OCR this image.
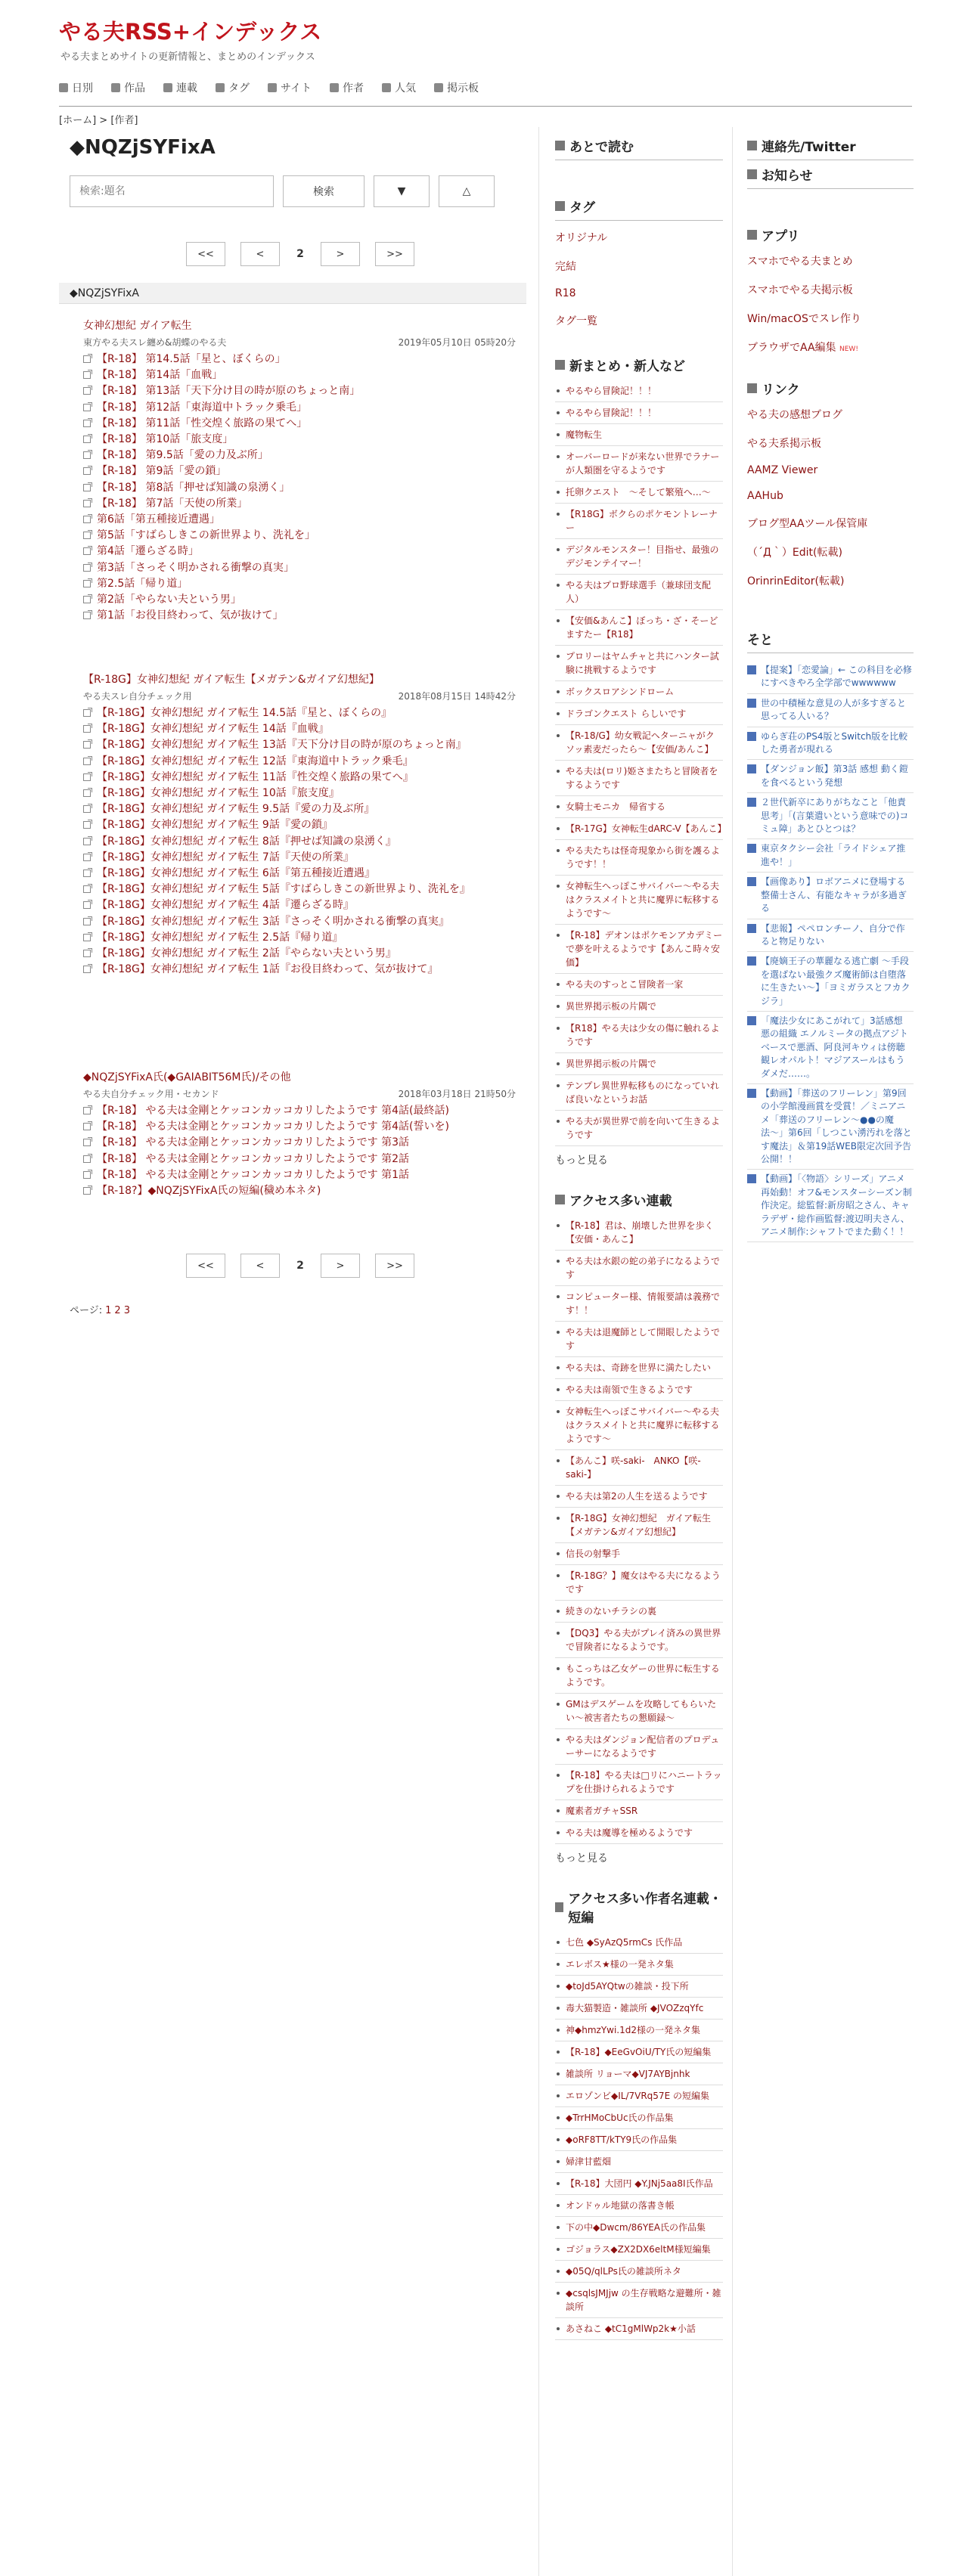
やる夫RSS+インデックス
やる夫まとめサイトの更新情報と、まとめのインデックス
日別	作品	連載	タグ	サイト	作者	人気	掲示板
[ホーム] > [作者]
◆NQZjSYFixA
検索:題名
検索	▼	△
<<	<	2	>	>>
◆NQZjSYFixA
女神幻想紀 ガイア転生
東方やる夫スレ纏め&胡蝶のやる夫	2019年05月10日 05時20分
【R-18】 第14.5話「星と、ぼくらの」
【R-18】 第14話「血戦」
【R-18】 第13話「天下分け目の時が原のちょっと南」
【R-18】 第12話「東海道中トラック乗毛」
【R-18】 第11話「性交煌く旅路の果てへ」
【R-18】 第10話「旅支度」
【R-18】 第9.5話「愛の力及ぶ所」
【R-18】 第9話「愛の鎖」
【R-18】 第8話「押せば知識の泉湧く」
【R-18】 第7話「天使の所業」
第6話「第五種接近遭遇」
第5話「すばらしきこの新世界より、洗礼を」
第4話「遷らざる時」
第3話「さっそく明かされる衝撃の真実」
第2.5話「帰り道」
第2話「やらない夫という男」
第1話「お役目終わって、気が抜けて」
【R-18G】女神幻想紀 ガイア転生【メガテン&ガイア幻想紀】
やる夫スレ自分チェック用	2018年08月15日 14時42分
【R-18G】女神幻想紀 ガイア転生 14.5話『星と、ぼくらの』
【R-18G】女神幻想紀 ガイア転生 14話『血戦』
【R-18G】女神幻想紀 ガイア転生 13話『天下分け目の時が原のちょっと南』
【R-18G】女神幻想紀 ガイア転生 12話『東海道中トラック乗毛』
【R-18G】女神幻想紀 ガイア転生 11話『性交煌く旅路の果てへ』
【R-18G】女神幻想紀 ガイア転生 10話『旅支度』
【R-18G】女神幻想紀 ガイア転生 9.5話『愛の力及ぶ所』
【R-18G】女神幻想紀 ガイア転生 9話『愛の鎖』
【R-18G】女神幻想紀 ガイア転生 8話『押せば知識の泉湧く』
【R-18G】女神幻想紀 ガイア転生 7話『天使の所業』
【R-18G】女神幻想紀 ガイア転生 6話『第五種接近遭遇』
【R-18G】女神幻想紀 ガイア転生 5話『すばらしきこの新世界より、洗礼を』
【R-18G】女神幻想紀 ガイア転生 4話『遷らざる時』
【R-18G】女神幻想紀 ガイア転生 3話『さっそく明かされる衝撃の真実』
【R-18G】女神幻想紀 ガイア転生 2.5話『帰り道』
【R-18G】女神幻想紀 ガイア転生 2話『やらない夫という男』
【R-18G】女神幻想紀 ガイア転生 1話『お役目終わって、気が抜けて』
◆NQZjSYFixA氏(◆GAIABIT56M氏)/その他
やる夫自分チェック用・セカンド	2018年03月18日 21時50分
【R-18】 やる夫は金剛とケッコンカッコカリしたようです 第4話(最終話)
【R-18】 やる夫は金剛とケッコンカッコカリしたようです 第4話(誓いを)
【R-18】 やる夫は金剛とケッコンカッコカリしたようです 第3話
【R-18】 やる夫は金剛とケッコンカッコカリしたようです 第2話
【R-18】 やる夫は金剛とケッコンカッコカリしたようです 第1話
【R-18?】◆NQZjSYFixA氏の短編(穢め本ネタ)
<<	<	2	>	>>
ページ: 1 2 3
あとで読む
タグ
オリジナル
完結
R18
タグ一覧
新まとめ・新人など
やるやら冒険記！！！
やるやら冒険記！！！
魔物転生
オーバーロードが来ない世界でラナーが人類圏を守るようです
托卵クエスト　〜そして繁殖へ…〜
【R18G】ボクらのポケモントレーナー
デジタルモンスター！目指せ、最強のデジモンテイマー！
やる夫はプロ野球選手（兼球団支配人）
【安価&あんこ】ぼっち・ざ・そーどますたー【R18】
プロリーはヤムチャと共にハンター試験に挑戦するようです
ボックスロアシンドローム
ドラゴンクエスト らしいです
【R-18/G】幼女戦記ヘターニャがクソッ素麦だったら〜【安価/あんこ】
やる夫は(ロリ)姫さまたちと冒険者をするようです
女騎士モニカ　帰省する
【R-17G】女神転生dARC-V【あんこ】
やる夫たちは怪奇現象から街を護るようです！！
女神転生へっぽこサバイバー〜やる夫はクラスメイトと共に魔界に転移するようです〜
【R-18】デオンはポケモンアカデミーで夢を叶えるようです【あんこ時々安価】
やる夫のすっとこ冒険者一家
異世界掲示板の片隅で
【R18】やる夫は少女の傷に触れるようです
異世界掲示板の片隅で
テンプレ異世界転移ものになっていれば良いなというお話
やる夫が異世界で前を向いて生きるようです
もっと見る
アクセス多い連載
【R-18】君は、崩壊した世界を歩く【安価・あんこ】
やる夫は水銀の蛇の弟子になるようです
コンピューター様、情報要請は義務です！！
やる夫は退魔師として開眼したようです
やる夫は、奇跡を世界に満たしたい
やる夫は南領で生きるようです
女神転生へっぽこサバイバー〜やる夫はクラスメイトと共に魔界に転移するようです〜
【あんこ】咲-saki-　ANKO【咲-saki-】
やる夫は第2の人生を送るようです
【R-18G】女神幻想紀　ガイア転生【メガテン&ガイア幻想紀】
信長の射撃手
【R-18G？】魔女はやる夫になるようです
続きのないチラシの裏
【DQ3】やる夫がプレイ済みの異世界で冒険者になるようです。
もこっちは乙女ゲーの世界に転生するようです。
GMはデスゲームを攻略してもらいたい〜被害者たちの懇願録〜
やる夫はダンジョン配信者のプロデューサーになるようです
【R-18】やる夫は□リにハニートラップを仕掛けられるようです
魔素者ガチャSSR
やる夫は魔導を極めるようです
もっと見る
アクセス多い作者名連載・短編
七色 ◆SyAzQ5rmCs 氏作品
エレボス★様の一発ネタ集
◆toJd5AYQtwの雑談・投下所
毒大猫製造・雑談所 ◆JVOZzqYfc
神◆hmzYwi.1d2様の一発ネタ集
【R-18】◆EeGvOiU/TY氏の短編集
雑談所 リョーマ◆VJ7AYBjnhk
エロゾンビ◆IL/7VRq57E の短編集
◆TrrHMoCbUc氏の作品集
◆oRF8TT/kTY9氏の作品集
婦津甘藍畑
【R-18】大団円 ◆Y.JNj5aa8I氏作品
オンドゥル地獄の落書き帳
下の中◆Dwcm/86YEA氏の作品集
ゴジョラス◆ZX2DX6eltM様短編集
◆05Q/qlLPs氏の雑談所ネタ
◆csqlsJMJjw の生存戦略な避難所・雑談所
あさねこ ◆tC1gMlWp2k★小話
連絡先/Twitter
お知らせ
アプリ
スマホでやる夫まとめ
スマホでやる夫掲示板
Win/macOSでスレ作り
ブラウザでAA編集 NEW!
リンク
やる夫の感想ブログ
やる夫系掲示板
AAMZ Viewer
AAHub
ブログ型AAツール保管庫
（´Д｀）Edit(転載)
OrinrinEditor(転載)
そと
【提案】「恋愛論」← この科目を必修にすべきやろ全学部でwwwwww
世の中積極な意見の人が多すぎると思ってる人いる？
ゆらぎ荘のPS4版とSwitch版を比較した勇者が現れる
【ダンジョン飯】第3話 感想 動く鎧を食べるという発想
２世代新卒にありがちなこと「他責思考」「(言葉遣いという意味での)コミュ障」あとひとつは？
東京タクシー会社「ライドシェア推進や！」
【画像あり】ロボアニメに登場する整備士さん、有能なキャラが多過ぎる
【悲報】ペペロンチーノ、自分で作ると物足りない
【廃嫡王子の華麗なる逃亡劇 〜手段を選ばない最強クズ魔術師は自堕落に生きたい〜】「ヨミガラスとフカクジラ」
「魔法少女にあこがれて」3話感想 悪の組織 エノルミータの拠点アジトベースで悪酒、阿良河キウィは傍聴観レオパルト！マジアスールはもうダメだ……。
【動画】「葬送のフリーレン」第9回の小学館漫画賞を受賞！／ミニアニメ「葬送のフリーレン〜●●の魔法〜」第6回「しつこい湧汚れを落とす魔法」＆第19話WEB限定次回予告公開！！
【動画】「〈物語〉シリーズ」アニメ再始動！オフ&モンスターシーズン制作決定。総監督:新房昭之さん、キャラデザ・総作画監督:渡辺明夫さん、アニメ制作:シャフトでまた動く！！
